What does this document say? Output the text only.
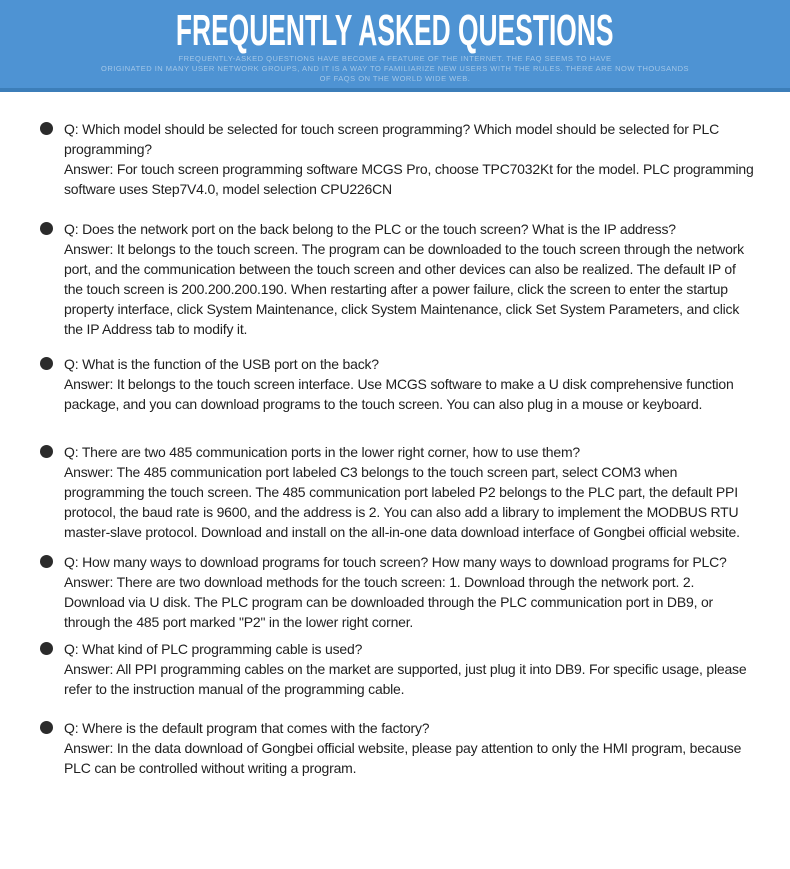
FREQUENTLY ASKED QUESTIONS
FREQUENTLY-ASKED QUESTIONS HAVE BECOME A FEATURE OF THE INTERNET. THE FAQ SEEMS TO HAVE
ORIGINATED IN MANY USER NETWORK GROUPS, AND IT IS A WAY TO FAMILIARIZE NEW USERS WITH THE RULES. THERE ARE NOW THOUSANDS
OF FAQS ON THE WORLD WIDE WEB.

Q: Which model should be selected for touch screen programming? Which model should be selected for PLC programming?

Answer: For touch screen programming software MCGS Pro, choose TPC7032Kt for the model. PLC programming software uses Step7V4.0, model selection CPU226CN

Q: Does the network port on the back belong to the PLC or the touch screen? What is the IP address?

Answer: It belongs to the touch screen. The program can be downloaded to the touch screen through the network port, and the communication between the touch screen and other devices can also be realized. The default IP of the touch screen is 200.200.200.190. When restarting after a power failure, click the screen to enter the startup property interface, click System Maintenance, click System Maintenance, click Set System Parameters, and click the IP Address tab to modify it.

Q: What is the function of the USB port on the back?

Answer: It belongs to the touch screen interface. Use MCGS software to make a U disk comprehensive function package, and you can download programs to the touch screen. You can also plug in a mouse or keyboard.

Q: There are two 485 communication ports in the lower right corner, how to use them?

Answer: The 485 communication port labeled C3 belongs to the touch screen part, select COM3 when programming the touch screen. The 485 communication port labeled P2 belongs to the PLC part, the default PPI protocol, the baud rate is 9600, and the address is 2. You can also add a library to implement the MODBUS RTU master-slave protocol. Download and install on the all-in-one data download interface of Gongbei official website.

Q: How many ways to download programs for touch screen? How many ways to download programs for PLC?

Answer: There are two download methods for the touch screen: 1. Download through the network port. 2. Download via U disk. The PLC program can be downloaded through the PLC communication port in DB9, or through the 485 port marked "P2" in the lower right corner.

Q: What kind of PLC programming cable is used?

Answer: All PPI programming cables on the market are supported, just plug it into DB9. For specific usage, please refer to the instruction manual of the programming cable.

Q: Where is the default program that comes with the factory?

Answer: In the data download of Gongbei official website, please pay attention to only the HMI program, because PLC can be controlled without writing a program.
